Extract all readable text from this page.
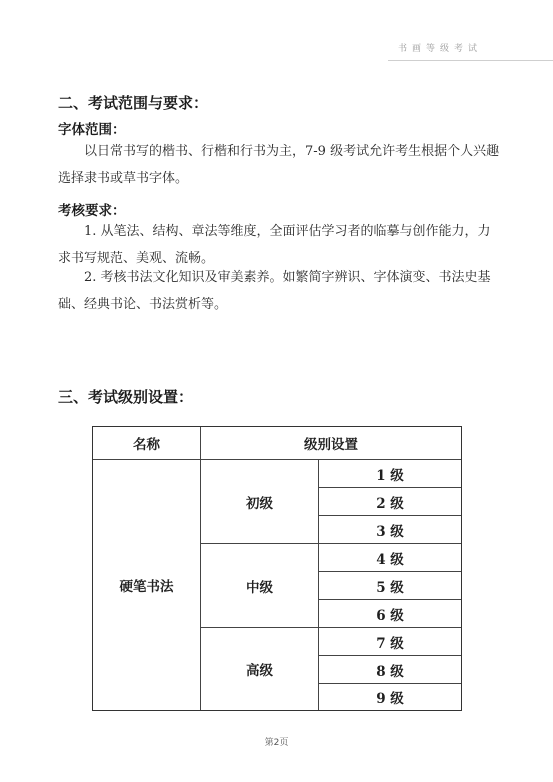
书画等级考试
二、考试范围与要求：
字体范围：
以日常书写的楷书、行楷和行书为主，7-9 级考试允许考生根据个人兴趣选择隶书或草书字体。
考核要求：
1. 从笔法、结构、章法等维度，全面评估学习者的临摹与创作能力，力求书写规范、美观、流畅。
2. 考核书法文化知识及审美素养。如繁简字辨识、字体演变、书法史基础、经典书论、书法赏析等。
三、考试级别设置：
名称	级别设置
硬笔书法
初级
中级
高级
1 级
2 级
3 级
4 级
5 级
6 级
7 级
8 级
9 级
第2页
